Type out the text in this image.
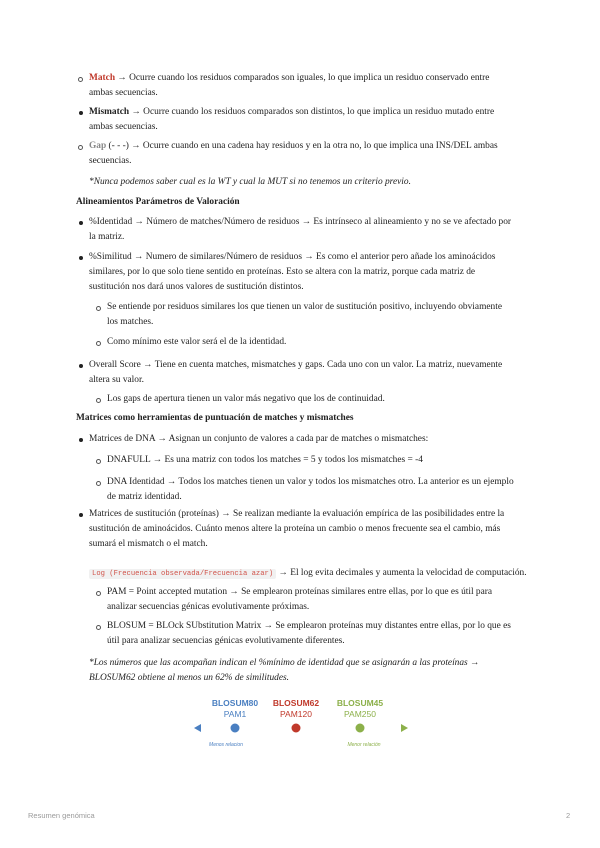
Match → Ocurre cuando los residuos comparados son iguales, lo que implica un residuo conservado entre
ambas secuencias.
Mismatch → Ocurre cuando los residuos comparados son distintos, lo que implica un residuo mutado entre
ambas secuencias.
Gap (- - -) → Ocurre cuando en una cadena hay residuos y en la otra no, lo que implica una INS/DEL ambas
secuencias.
*Nunca podemos saber cual es la WT y cual la MUT si no tenemos un criterio previo.
Alineamientos Parámetros de Valoración
%Identidad → Número de matches/Número de residuos → Es intrínseco al alineamiento y no se ve afectado por
la matriz.
%Similitud → Numero de similares/Número de residuos → Es como el anterior pero añade los aminoácidos
similares, por lo que solo tiene sentido en proteínas. Esto se altera con la matriz, porque cada matriz de
sustitución nos dará unos valores de sustitución distintos.
Se entiende por residuos similares los que tienen un valor de sustitución positivo, incluyendo obviamente
los matches.
Como mínimo este valor será el de la identidad.
Overall Score → Tiene en cuenta matches, mismatches y gaps. Cada uno con un valor. La matriz, nuevamente
altera su valor.
Los gaps de apertura tienen un valor más negativo que los de continuidad.
Matrices como herramientas de puntuación de matches y mismatches
Matrices de DNA → Asignan un conjunto de valores a cada par de matches o mismatches:
DNAFULL → Es una matriz con todos los matches = 5 y todos los mismatches = -4
DNA Identidad → Todos los matches tienen un valor y todos los mismatches otro. La anterior es un ejemplo
de matriz identidad.
Matrices de sustitución (proteínas) → Se realizan mediante la evaluación empírica de las posibilidades entre la
sustitución de aminoácidos. Cuánto menos altere la proteína un cambio o menos frecuente sea el cambio, más
sumará el mismatch o el match.
Log (Frecuencia observada/Frecuencia azar) → El log evita decimales y aumenta la velocidad de computación.
PAM = Point accepted mutation → Se emplearon proteínas similares entre ellas, por lo que es útil para
analizar secuencias génicas evolutivamente próximas.
BLOSUM = BLOck SUbstitution Matrix → Se emplearon proteínas muy distantes entre ellas, por lo que es
útil para analizar secuencias génicas evolutivamente diferentes.
*Los números que las acompañan indican el %mínimo de identidad que se asignarán a las proteínas →
BLOSUM62 obtiene al menos un 62% de similitudes.
BLOSUM80
PAM1
BLOSUM62
PAM120
BLOSUM45
PAM250
Menos relacion	Menor relación
Resumen genómica	2
